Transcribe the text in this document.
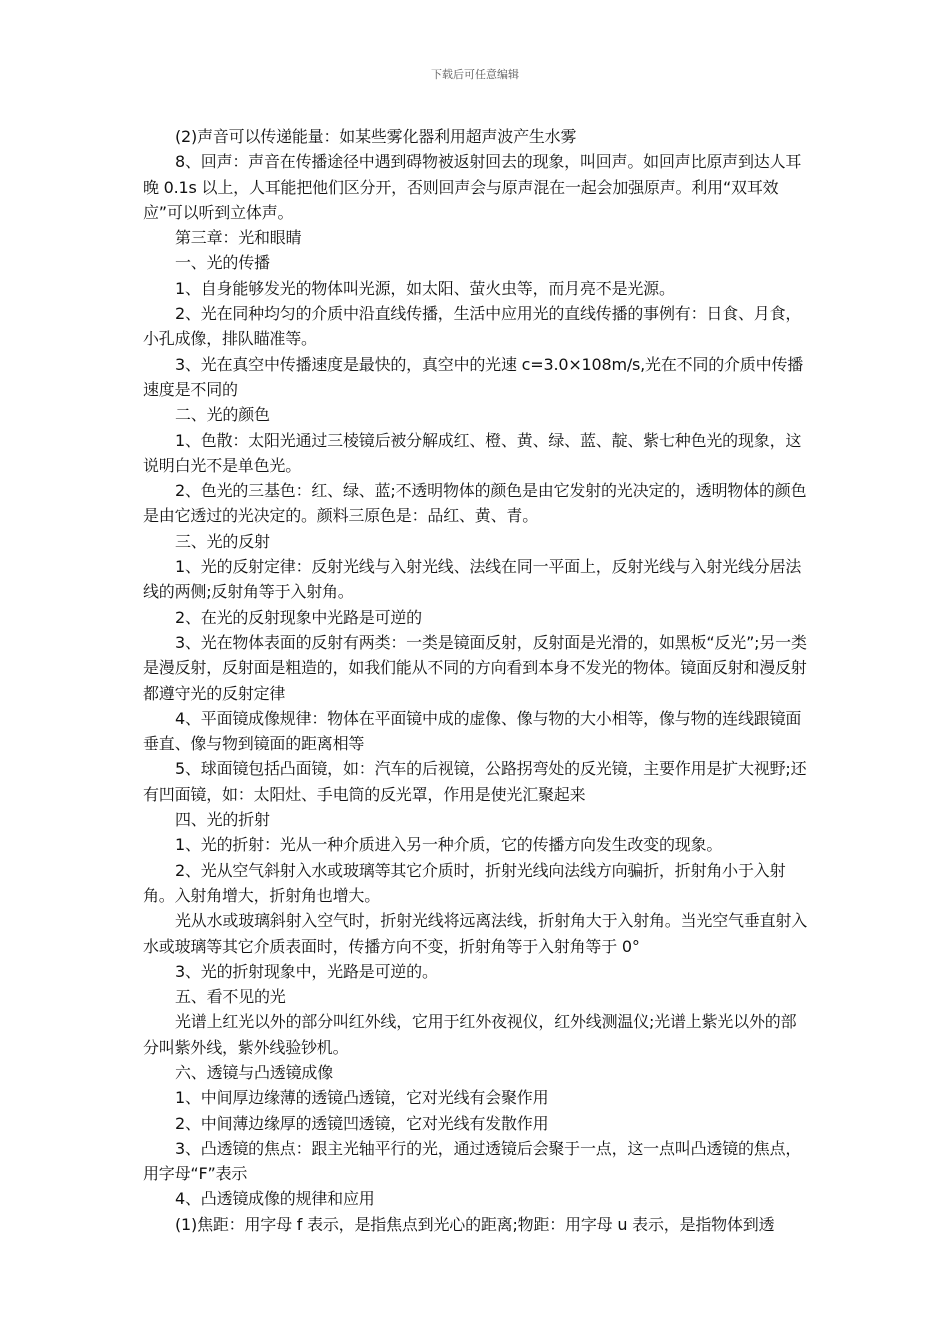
下载后可任意编辑

(2)声音可以传递能量：如某些雾化器利用超声波产生水雾

8、回声：声音在传播途径中遇到碍物被返射回去的现象，叫回声。如回声比原声到达人耳晚 0.1s 以上，人耳能把他们区分开，否则回声会与原声混在一起会加强原声。利用“双耳效应”可以听到立体声。

第三章：光和眼睛

一、光的传播

1、自身能够发光的物体叫光源，如太阳、萤火虫等，而月亮不是光源。

2、光在同种均匀的介质中沿直线传播，生活中应用光的直线传播的事例有：日食、月食，小孔成像，排队瞄准等。

3、光在真空中传播速度是最快的，真空中的光速 c=3.0×108m/s,光在不同的介质中传播速度是不同的

二、光的颜色

1、色散：太阳光通过三棱镜后被分解成红、橙、黄、绿、蓝、靛、紫七种色光的现象，这说明白光不是单色光。

2、色光的三基色：红、绿、蓝;不透明物体的颜色是由它发射的光决定的，透明物体的颜色是由它透过的光决定的。颜料三原色是：品红、黄、青。

三、光的反射

1、光的反射定律：反射光线与入射光线、法线在同一平面上，反射光线与入射光线分居法线的两侧;反射角等于入射角。

2、在光的反射现象中光路是可逆的

3、光在物体表面的反射有两类：一类是镜面反射，反射面是光滑的，如黑板“反光”;另一类是漫反射，反射面是粗造的，如我们能从不同的方向看到本身不发光的物体。镜面反射和漫反射都遵守光的反射定律

4、平面镜成像规律：物体在平面镜中成的虚像、像与物的大小相等，像与物的连线跟镜面垂直、像与物到镜面的距离相等

5、球面镜包括凸面镜，如：汽车的后视镜，公路拐弯处的反光镜，主要作用是扩大视野;还有凹面镜，如：太阳灶、手电筒的反光罩，作用是使光汇聚起来

四、光的折射

1、光的折射：光从一种介质进入另一种介质，它的传播方向发生改变的现象。

2、光从空气斜射入水或玻璃等其它介质时，折射光线向法线方向骗折，折射角小于入射角。入射角增大，折射角也增大。

光从水或玻璃斜射入空气时，折射光线将远离法线，折射角大于入射角。当光空气垂直射入水或玻璃等其它介质表面时，传播方向不变，折射角等于入射角等于 0°

3、光的折射现象中，光路是可逆的。

五、看不见的光

光谱上红光以外的部分叫红外线，它用于红外夜视仪，红外线测温仪;光谱上紫光以外的部分叫紫外线，紫外线验钞机。

六、透镜与凸透镜成像

1、中间厚边缘薄的透镜凸透镜，它对光线有会聚作用

2、中间薄边缘厚的透镜凹透镜，它对光线有发散作用

3、凸透镜的焦点：跟主光轴平行的光，通过透镜后会聚于一点，这一点叫凸透镜的焦点，用字母“F”表示

4、凸透镜成像的规律和应用

(1)焦距：用字母 f 表示，是指焦点到光心的距离;物距：用字母 u 表示，是指物体到透
